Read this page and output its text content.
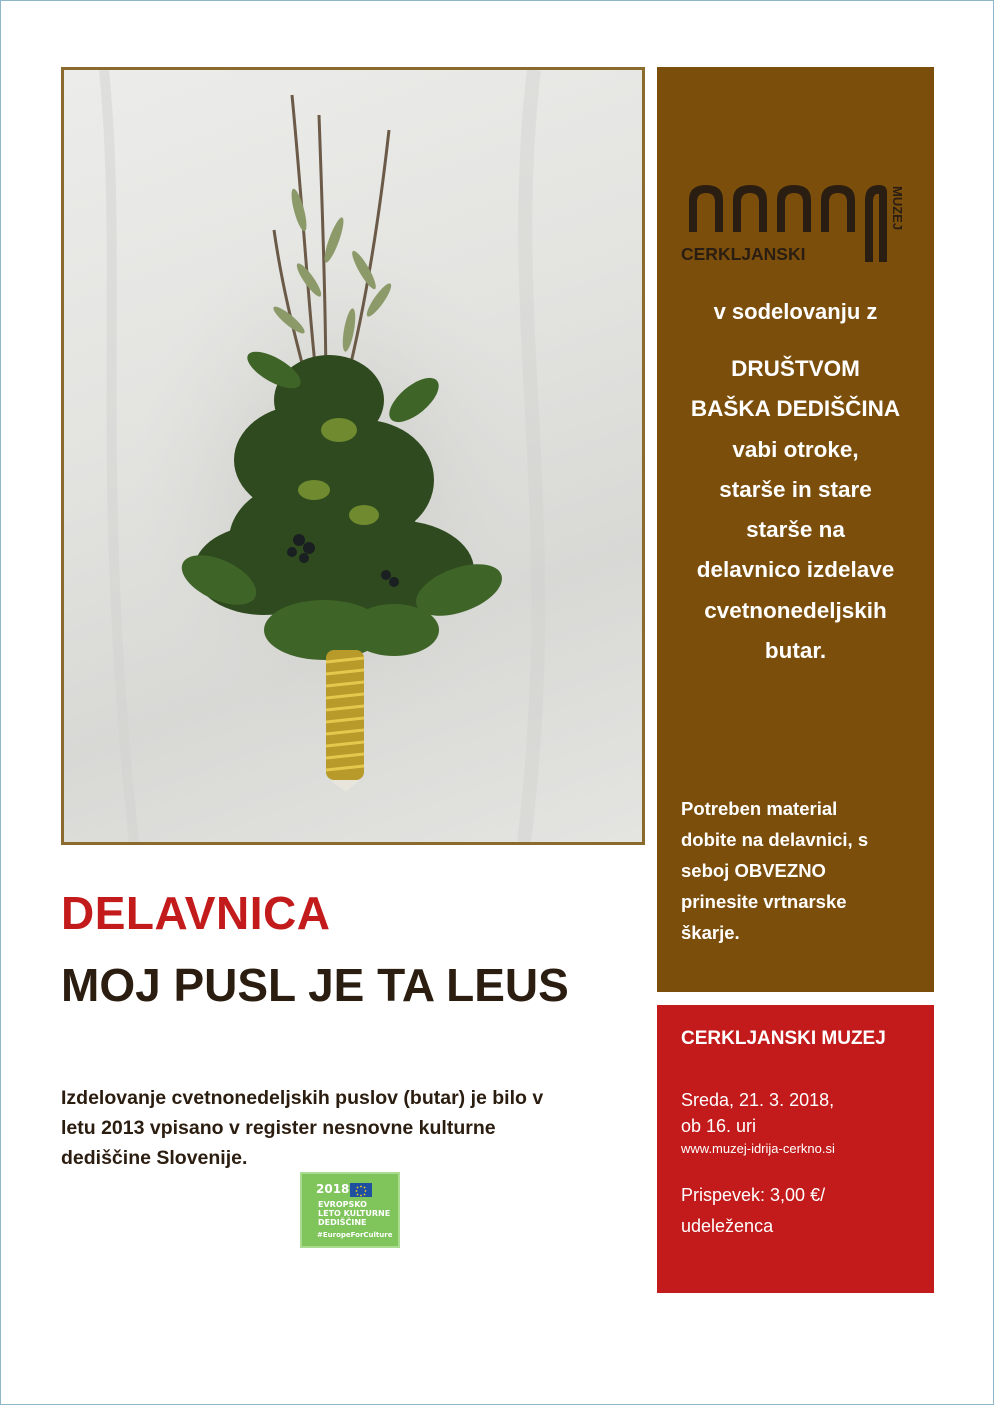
CERKLJANSKI
MUZEJ
v sodelovanju z
DRUŠTVOM
BAŠKA DEDIŠČINA
vabi otroke,
starše in stare
starše na
delavnico izdelave
cvetnonedeljskih
butar.
Potreben material
dobite na delavnici, s
seboj OBVEZNO
prinesite vrtnarske
škarje.
CERKLJANSKI MUZEJ
Sreda, 21. 3. 2018,
ob 16. uri
www.muzej-idrija-cerkno.si
Prispevek: 3,00 €/
udeleženca
DELAVNICA
MOJ PUSL JE TA LEUS
Izdelovanje cvetnonedeljskih puslov (butar) je bilo v
letu 2013 vpisano v register nesnovne kulturne
dediščine Slovenije.
2018
EVROPSKO
LETO KULTURNE
DEDIŠČINE
#EuropeForCulture
